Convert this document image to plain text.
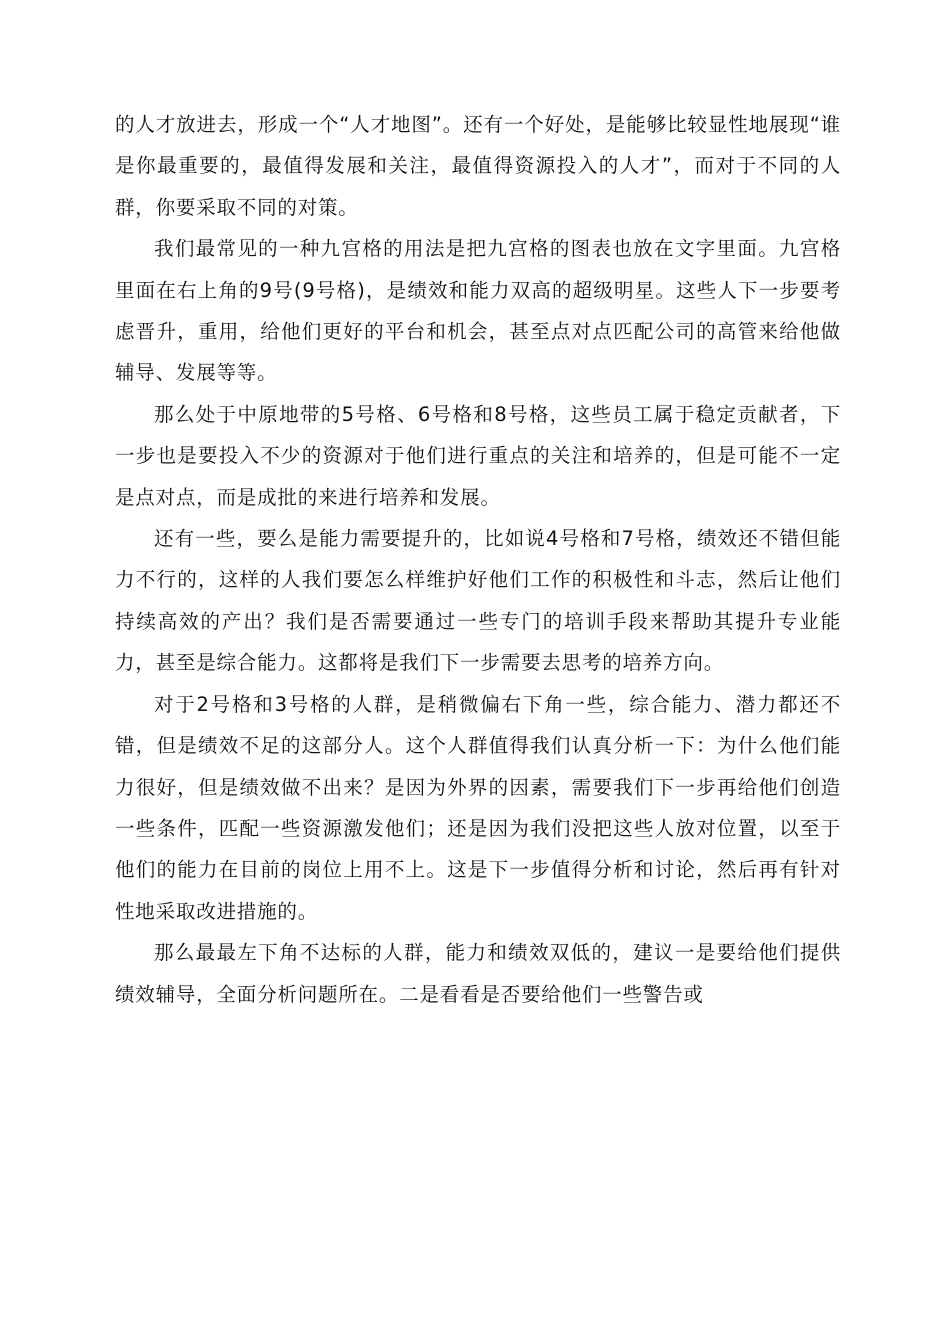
的人才放进去，形成一个“人才地图”。还有一个好处，是能够比较显性地展现“谁是你最重要的，最值得发展和关注，最值得资源投入的人才”，而对于不同的人群，你要采取不同的对策。

我们最常见的一种九宫格的用法是把九宫格的图表也放在文字里面。九宫格里面在右上角的9号(9号格)，是绩效和能力双高的超级明星。这些人下一步要考虑晋升，重用，给他们更好的平台和机会，甚至点对点匹配公司的高管来给他做辅导、发展等等。

那么处于中原地带的5号格、6号格和8号格，这些员工属于稳定贡献者，下一步也是要投入不少的资源对于他们进行重点的关注和培养的，但是可能不一定是点对点，而是成批的来进行培养和发展。

还有一些，要么是能力需要提升的，比如说4号格和7号格，绩效还不错但能力不行的，这样的人我们要怎么样维护好他们工作的积极性和斗志，然后让他们持续高效的产出？我们是否需要通过一些专门的培训手段来帮助其提升专业能力，甚至是综合能力。这都将是我们下一步需要去思考的培养方向。

对于2号格和3号格的人群，是稍微偏右下角一些，综合能力、潜力都还不错，但是绩效不足的这部分人。这个人群值得我们认真分析一下：为什么他们能力很好，但是绩效做不出来？是因为外界的因素，需要我们下一步再给他们创造一些条件，匹配一些资源激发他们；还是因为我们没把这些人放对位置，以至于他们的能力在目前的岗位上用不上。这是下一步值得分析和讨论，然后再有针对性地采取改进措施的。

那么最最左下角不达标的人群，能力和绩效双低的，建议一是要给他们提供绩效辅导，全面分析问题所在。二是看看是否要给他们一些警告或
